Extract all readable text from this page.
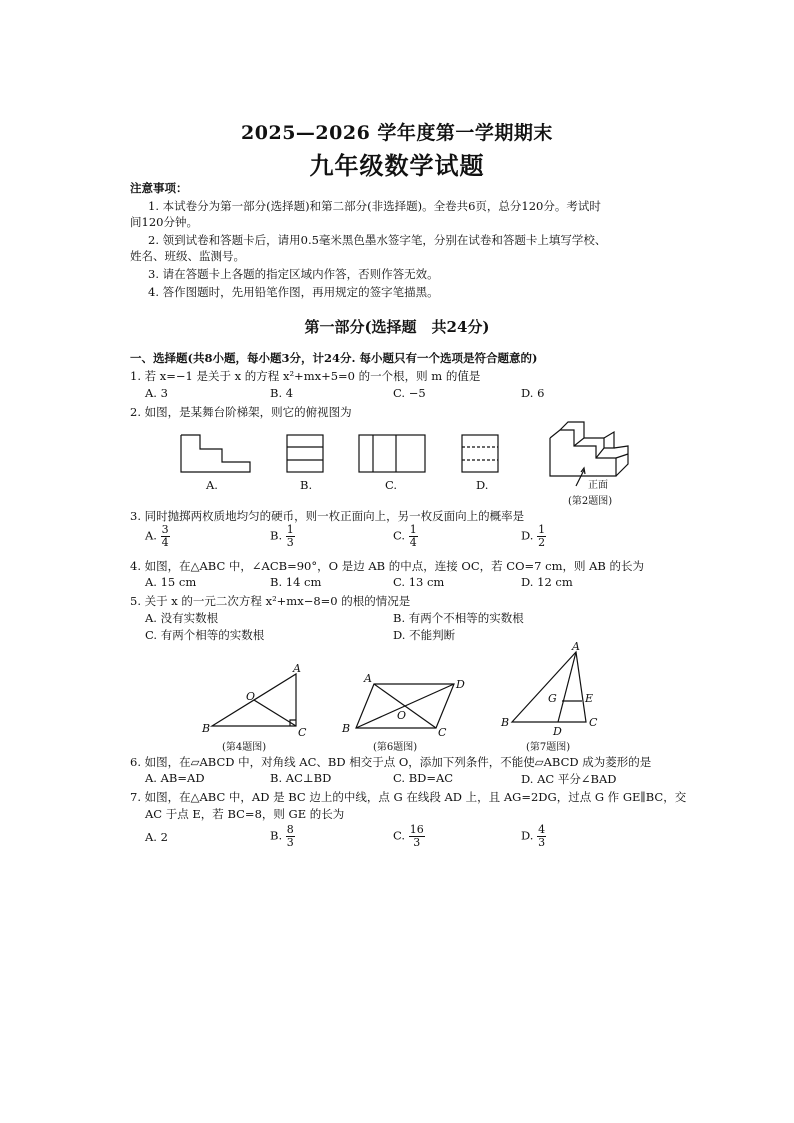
2025—2026 学年度第一学期期末
九年级数学试题
注意事项：
1. 本试卷分为第一部分(选择题)和第二部分(非选择题)。全卷共6页，总分120分。考试时
间120分钟。
2. 领到试卷和答题卡后，请用0.5毫米黑色墨水签字笔，分别在试卷和答题卡上填写学校、
姓名、班级、监测号。
3. 请在答题卡上各题的指定区域内作答，否则作答无效。
4. 答作图题时，先用铅笔作图，再用规定的签字笔描黑。
第一部分(选择题　共24分)
一、选择题(共8小题，每小题3分，计24分. 每小题只有一个选项是符合题意的)
1. 若 x=−1 是关于 x 的方程 x²+mx+5=0 的一个根，则 m 的值是
A. 3	B. 4	C. −5	D. 6
2. 如图，是某舞台阶梯架，则它的俯视图为
正面
A.	B.	C.	D.
(第2题图)
3. 同时抛掷两枚质地均匀的硬币，则一枚正面向上，另一枚反面向上的概率是
A. $\frac{3}{4}$	B. $\frac{1}{3}$	C. $\frac{1}{4}$	D. $\frac{1}{2}$
4. 如图，在△ABC 中，∠ACB=90°，O 是边 AB 的中点，连接 OC，若 CO=7 cm，则 AB 的长为
A. 15 cm	B. 14 cm	C. 13 cm	D. 12 cm
5. 关于 x 的一元二次方程 x²+mx−8=0 的根的情况是
A. 没有实数根	B. 有两个不相等的实数根
C. 有两个相等的实数根	D. 不能判断
A
O
B	C
(第4题图)
A	D
O
B	C
(第6题图)
A
G	E
B
D
C
(第7题图)
6. 如图，在▱ABCD 中，对角线 AC、BD 相交于点 O，添加下列条件，不能使▱ABCD 成为菱形的是
A. AB=AD	B. AC⊥BD	C. BD=AC	D. AC 平分∠BAD
7. 如图，在△ABC 中，AD 是 BC 边上的中线，点 G 在线段 AD 上，且 AG=2DG，过点 G 作 GE∥BC，交
AC 于点 E，若 BC=8，则 GE 的长为
A. 2	B. $\frac{8}{3}$	C. $\frac{16}{3}$	D. $\frac{4}{3}$
